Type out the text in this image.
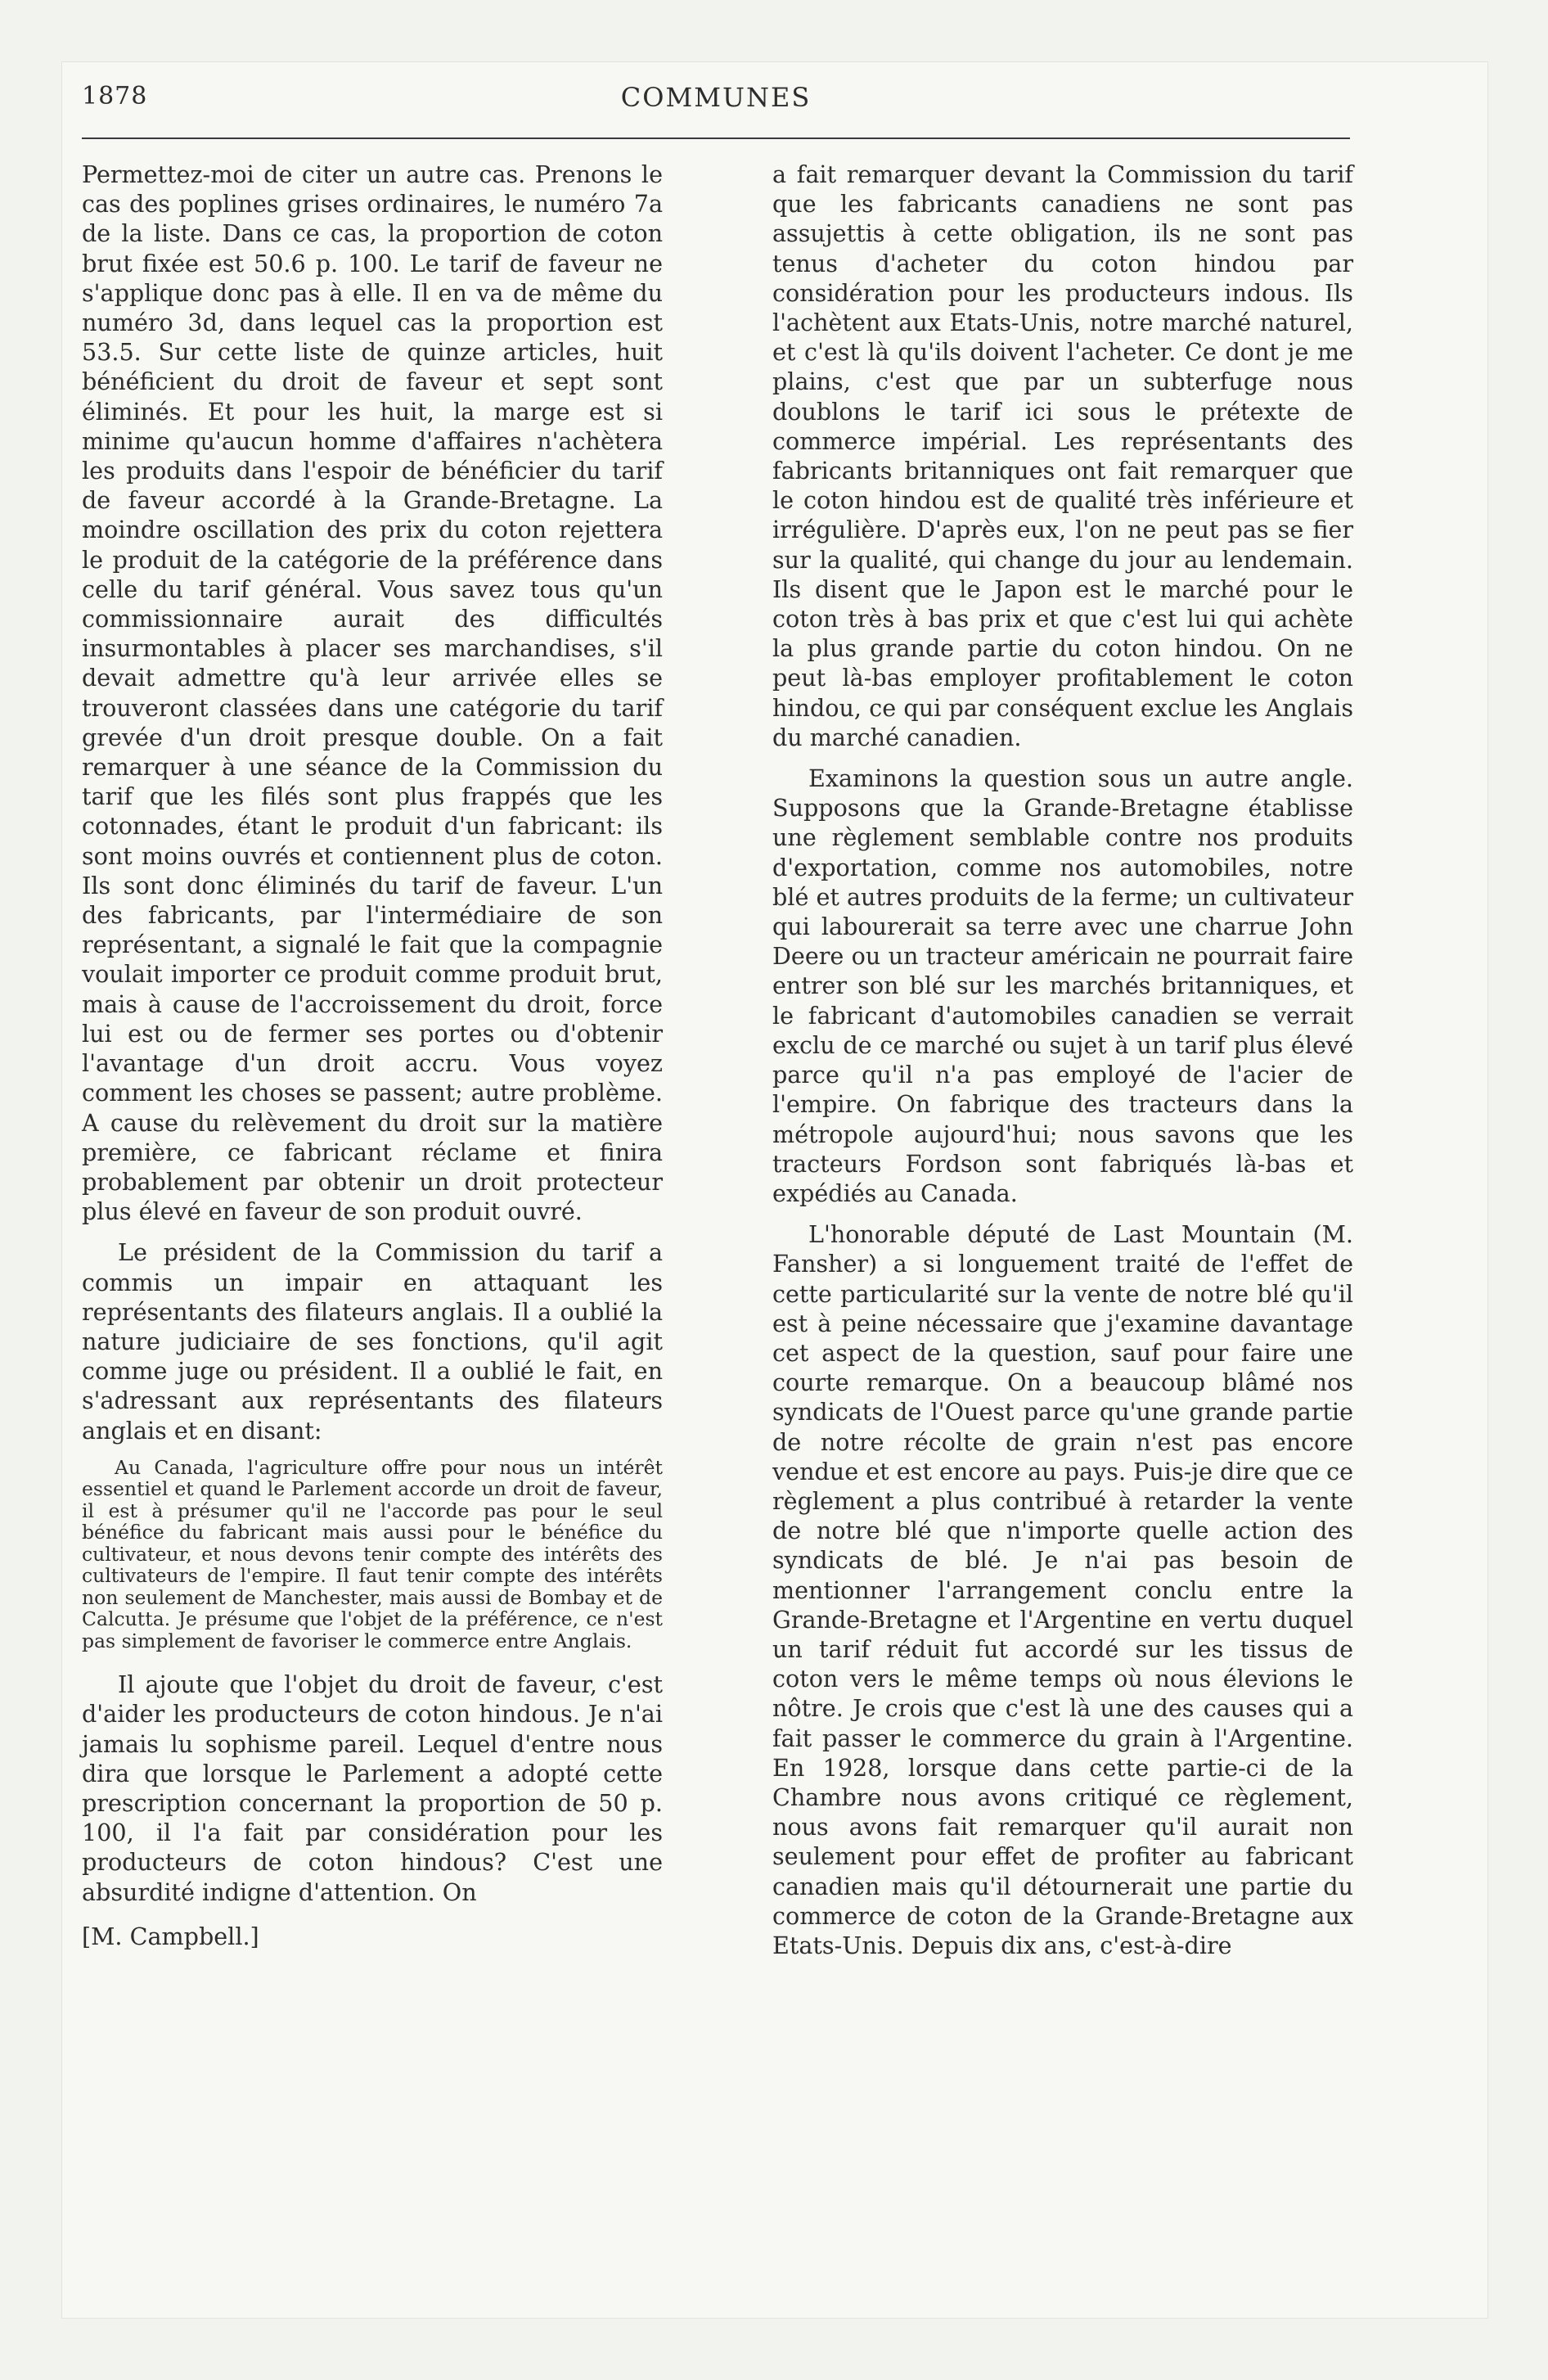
1878	COMMUNES

Permettez-moi de citer un autre cas. Prenons le cas des poplines grises ordinaires, le numéro 7a de la liste. Dans ce cas, la proportion de coton brut fixée est 50.6 p. 100. Le tarif de faveur ne s'applique donc pas à elle. Il en va de même du numéro 3d, dans lequel cas la proportion est 53.5. Sur cette liste de quinze articles, huit bénéficient du droit de faveur et sept sont éliminés. Et pour les huit, la marge est si minime qu'aucun homme d'affaires n'achètera les produits dans l'espoir de bénéficier du tarif de faveur accordé à la Grande-Bretagne. La moindre oscillation des prix du coton rejettera le produit de la catégorie de la préférence dans celle du tarif général. Vous savez tous qu'un commissionnaire aurait des difficultés insurmontables à placer ses marchandises, s'il devait admettre qu'à leur arrivée elles se trouveront classées dans une catégorie du tarif grevée d'un droit presque double. On a fait remarquer à une séance de la Commission du tarif que les filés sont plus frappés que les cotonnades, étant le produit d'un fabricant: ils sont moins ouvrés et contiennent plus de coton. Ils sont donc éliminés du tarif de faveur. L'un des fabricants, par l'intermédiaire de son représentant, a signalé le fait que la compagnie voulait importer ce produit comme produit brut, mais à cause de l'accroissement du droit, force lui est ou de fermer ses portes ou d'obtenir l'avantage d'un droit accru. Vous voyez comment les choses se passent; autre problème. A cause du relèvement du droit sur la matière première, ce fabricant réclame et finira probablement par obtenir un droit protecteur plus élevé en faveur de son produit ouvré.

Le président de la Commission du tarif a commis un impair en attaquant les représentants des filateurs anglais. Il a oublié la nature judiciaire de ses fonctions, qu'il agit comme juge ou président. Il a oublié le fait, en s'adressant aux représentants des filateurs anglais et en disant:

Au Canada, l'agriculture offre pour nous un intérêt essentiel et quand le Parlement accorde un droit de faveur, il est à présumer qu'il ne l'accorde pas pour le seul bénéfice du fabricant mais aussi pour le bénéfice du cultivateur, et nous devons tenir compte des intérêts des cultivateurs de l'empire. Il faut tenir compte des intérêts non seulement de Manchester, mais aussi de Bombay et de Calcutta. Je présume que l'objet de la préférence, ce n'est pas simplement de favoriser le commerce entre Anglais.

Il ajoute que l'objet du droit de faveur, c'est d'aider les producteurs de coton hindous. Je n'ai jamais lu sophisme pareil. Lequel d'entre nous dira que lorsque le Parlement a adopté cette prescription concernant la proportion de 50 p. 100, il l'a fait par considération pour les producteurs de coton hindous? C'est une absurdité indigne d'attention. On

[M. Campbell.]

a fait remarquer devant la Commission du tarif que les fabricants canadiens ne sont pas assujettis à cette obligation, ils ne sont pas tenus d'acheter du coton hindou par considération pour les producteurs indous. Ils l'achètent aux Etats-Unis, notre marché naturel, et c'est là qu'ils doivent l'acheter. Ce dont je me plains, c'est que par un subterfuge nous doublons le tarif ici sous le prétexte de commerce impérial. Les représentants des fabricants britanniques ont fait remarquer que le coton hindou est de qualité très inférieure et irrégulière. D'après eux, l'on ne peut pas se fier sur la qualité, qui change du jour au lendemain. Ils disent que le Japon est le marché pour le coton très à bas prix et que c'est lui qui achète la plus grande partie du coton hindou. On ne peut là-bas employer profitablement le coton hindou, ce qui par conséquent exclue les Anglais du marché canadien.

Examinons la question sous un autre angle. Supposons que la Grande-Bretagne établisse une règlement semblable contre nos produits d'exportation, comme nos automobiles, notre blé et autres produits de la ferme; un cultivateur qui labourerait sa terre avec une charrue John Deere ou un tracteur américain ne pourrait faire entrer son blé sur les marchés britanniques, et le fabricant d'automobiles canadien se verrait exclu de ce marché ou sujet à un tarif plus élevé parce qu'il n'a pas employé de l'acier de l'empire. On fabrique des tracteurs dans la métropole aujourd'hui; nous savons que les tracteurs Fordson sont fabriqués là-bas et expédiés au Canada.

L'honorable député de Last Mountain (M. Fansher) a si longuement traité de l'effet de cette particularité sur la vente de notre blé qu'il est à peine nécessaire que j'examine davantage cet aspect de la question, sauf pour faire une courte remarque. On a beaucoup blâmé nos syndicats de l'Ouest parce qu'une grande partie de notre récolte de grain n'est pas encore vendue et est encore au pays. Puis-je dire que ce règlement a plus contribué à retarder la vente de notre blé que n'importe quelle action des syndicats de blé. Je n'ai pas besoin de mentionner l'arrangement conclu entre la Grande-Bretagne et l'Argentine en vertu duquel un tarif réduit fut accordé sur les tissus de coton vers le même temps où nous élevions le nôtre. Je crois que c'est là une des causes qui a fait passer le commerce du grain à l'Argentine. En 1928, lorsque dans cette partie-ci de la Chambre nous avons critiqué ce règlement, nous avons fait remarquer qu'il aurait non seulement pour effet de profiter au fabricant canadien mais qu'il détournerait une partie du commerce de coton de la Grande-Bretagne aux Etats-Unis. Depuis dix ans, c'est-à-dire
